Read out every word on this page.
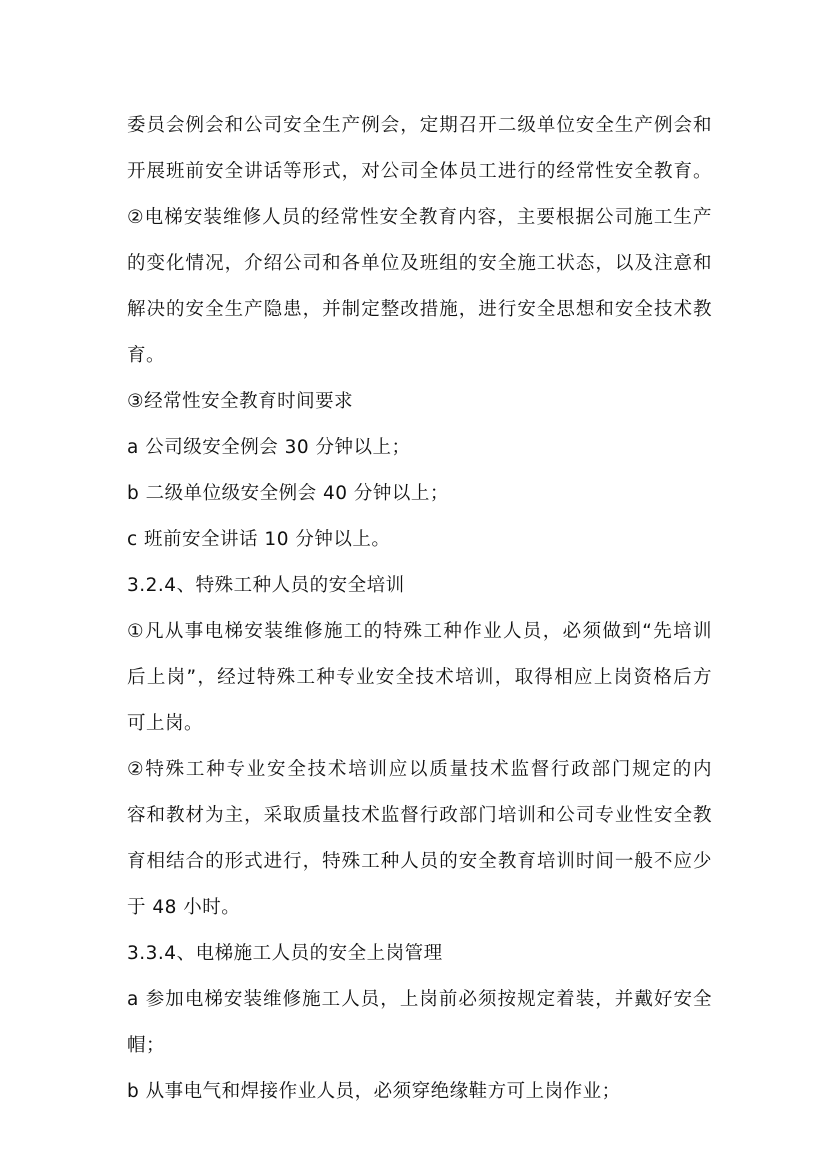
委员会例会和公司安全生产例会，定期召开二级单位安全生产例会和
开展班前安全讲话等形式，对公司全体员工进行的经常性安全教育。
②电梯安装维修人员的经常性安全教育内容，主要根据公司施工生产
的变化情况，介绍公司和各单位及班组的安全施工状态，以及注意和
解决的安全生产隐患，并制定整改措施，进行安全思想和安全技术教
育。
③经常性安全教育时间要求
a 公司级安全例会 30 分钟以上；
b 二级单位级安全例会 40 分钟以上；
c 班前安全讲话 10 分钟以上。
3.2.4、特殊工种人员的安全培训
①凡从事电梯安装维修施工的特殊工种作业人员，必须做到“先培训
后上岗”，经过特殊工种专业安全技术培训，取得相应上岗资格后方
可上岗。
②特殊工种专业安全技术培训应以质量技术监督行政部门规定的内
容和教材为主，采取质量技术监督行政部门培训和公司专业性安全教
育相结合的形式进行，特殊工种人员的安全教育培训时间一般不应少
于 48 小时。
3.3.4、电梯施工人员的安全上岗管理
a 参加电梯安装维修施工人员，上岗前必须按规定着装，并戴好安全
帽；
b 从事电气和焊接作业人员，必须穿绝缘鞋方可上岗作业；
